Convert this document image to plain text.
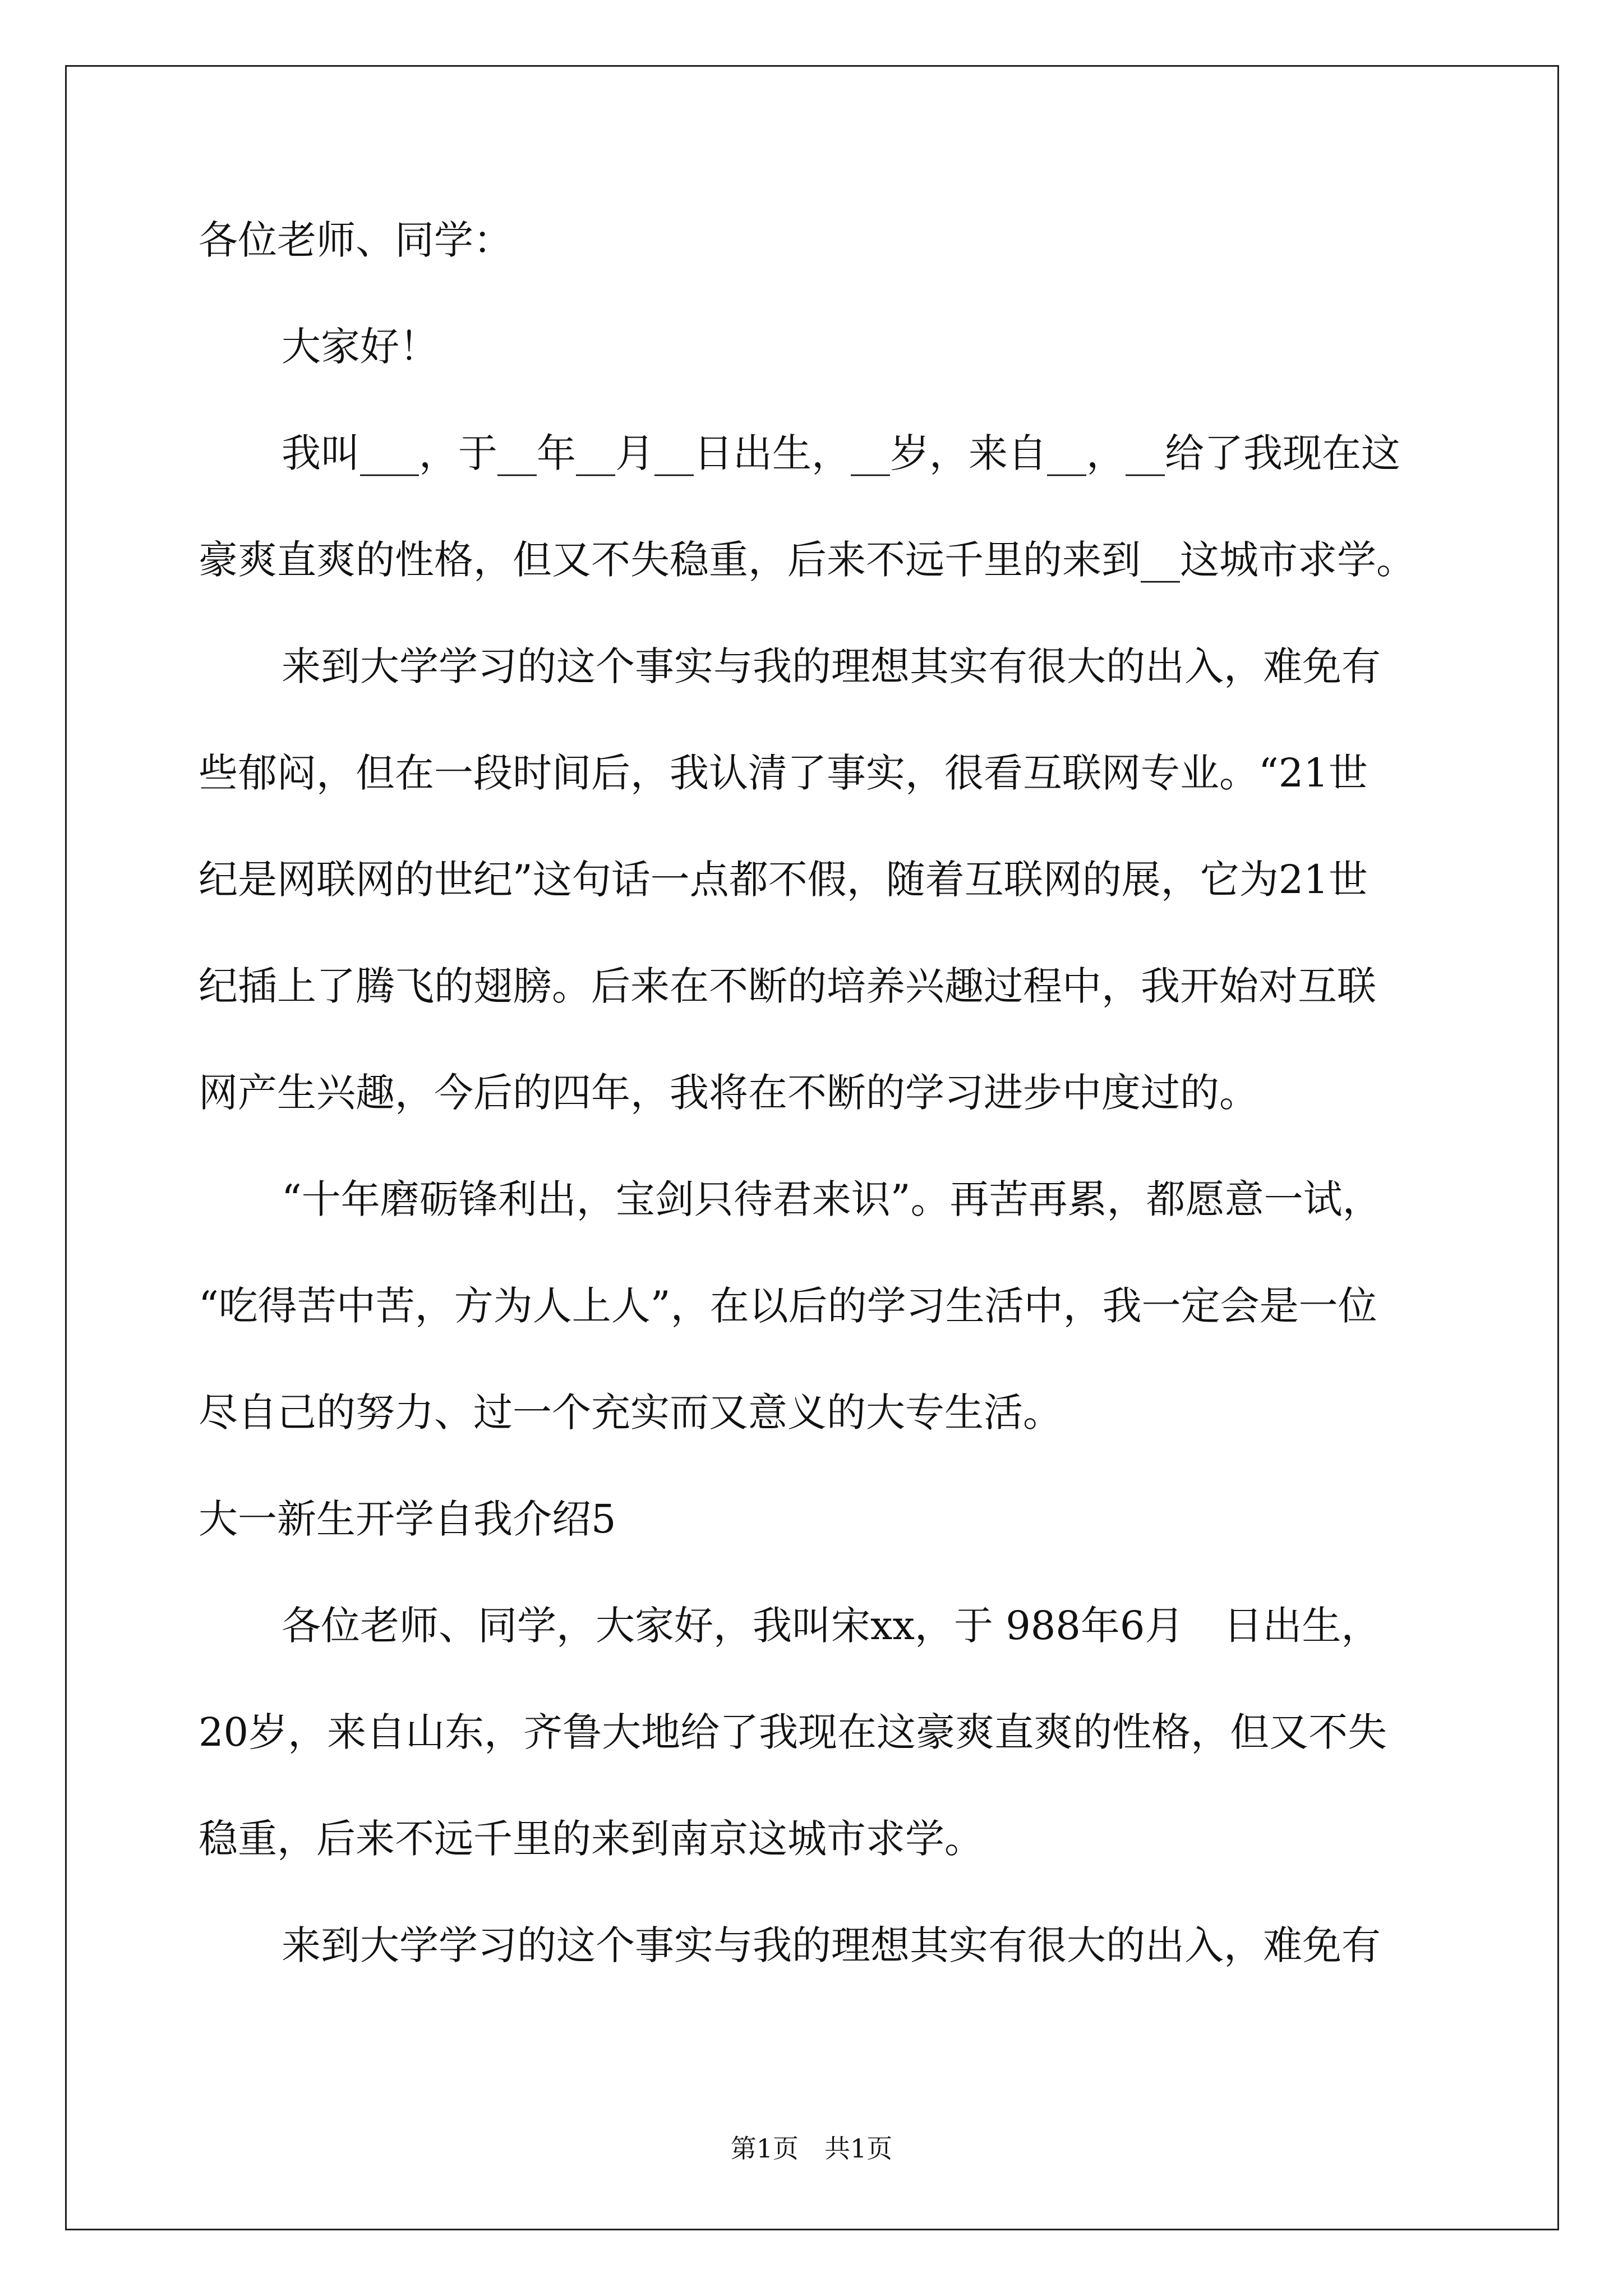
各位老师、同学：
大家好！
我叫___，于__年__月__日出生，__岁，来自__，__给了我现在这
豪爽直爽的性格，但又不失稳重，后来不远千里的来到__这城市求学。
来到大学学习的这个事实与我的理想其实有很大的出入，难免有
些郁闷，但在一段时间后，我认清了事实，很看互联网专业。“21世
纪是网联网的世纪”这句话一点都不假，随着互联网的展，它为21世
纪插上了腾飞的翅膀。后来在不断的培养兴趣过程中，我开始对互联
网产生兴趣，今后的四年，我将在不断的学习进步中度过的。
“十年磨砺锋利出，宝剑只待君来识”。再苦再累，都愿意一试，
“吃得苦中苦，方为人上人”，在以后的学习生活中，我一定会是一位
尽自己的努力、过一个充实而又意义的大专生活。
大一新生开学自我介绍5
各位老师、同学，大家好，我叫宋xx，于 988年6月　日出生，
20岁，来自山东，齐鲁大地给了我现在这豪爽直爽的性格，但又不失
稳重，后来不远千里的来到南京这城市求学。
来到大学学习的这个事实与我的理想其实有很大的出入，难免有
第1页　共1页
